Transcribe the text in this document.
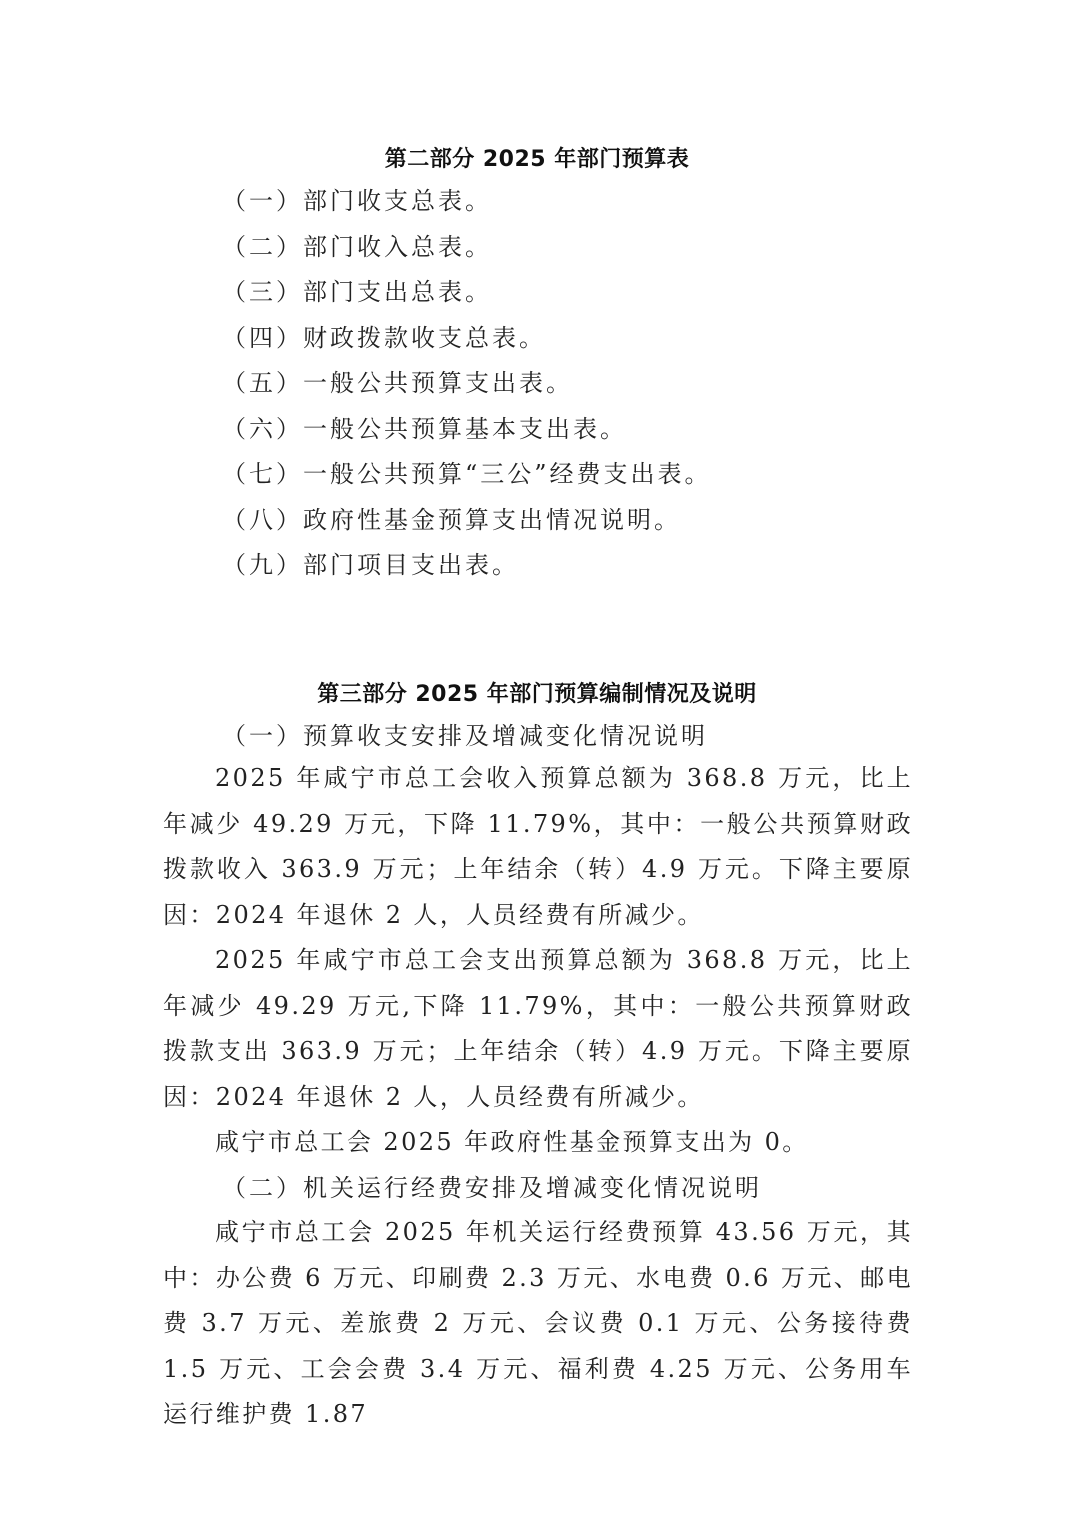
第二部分 2025 年部门预算表
（一）部门收支总表。
（二）部门收入总表。
（三）部门支出总表。
（四）财政拨款收支总表。
（五）一般公共预算支出表。
（六）一般公共预算基本支出表。
（七）一般公共预算“三公”经费支出表。
（八）政府性基金预算支出情况说明。
（九）部门项目支出表。
第三部分 2025 年部门预算编制情况及说明
（一）预算收支安排及增减变化情况说明

2025 年咸宁市总工会收入预算总额为 368.8 万元，比上年减少 49.29 万元，下降 11.79%，其中：一般公共预算财政拨款收入 363.9 万元；上年结余（转）4.9 万元。下降主要原因：2024 年退休 2 人，人员经费有所减少。

2025 年咸宁市总工会支出预算总额为 368.8 万元，比上年减少 49.29 万元,下降 11.79%，其中：一般公共预算财政拨款支出 363.9 万元；上年结余（转）4.9 万元。下降主要原因：2024 年退休 2 人，人员经费有所减少。

咸宁市总工会 2025 年政府性基金预算支出为 0。

（二）机关运行经费安排及增减变化情况说明

咸宁市总工会 2025 年机关运行经费预算 43.56 万元，其中：办公费 6 万元、印刷费 2.3 万元、水电费 0.6 万元、邮电费 3.7 万元、差旅费 2 万元、会议费 0.1 万元、公务接待费 1.5 万元、工会会费 3.4 万元、福利费 4.25 万元、公务用车运行维护费 1.87
